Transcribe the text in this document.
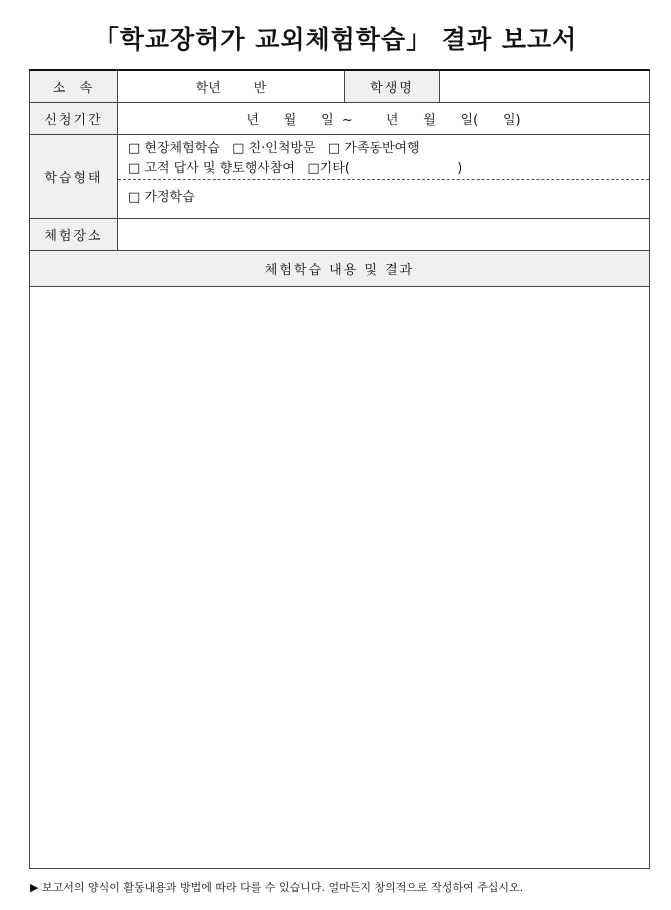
「학교장허가 교외체험학습」 결과 보고서
소  속	학년        반	학생명	
신청기간	년      월      일  ~        년      월      일(      일)		
학습형태	□ 현장체험학습   □ 친·인척방문   □ 가족동반여행
□ 고적 답사 및 향토행사참여   □기타(                          )
□ 가정학습		

체험장소			
체험학습 내용 및 결과			

▶ 보고서의 양식이 활동내용과 방법에 따라 다를 수 있습니다. 얼마든지 창의적으로 작성하여 주십시오.
